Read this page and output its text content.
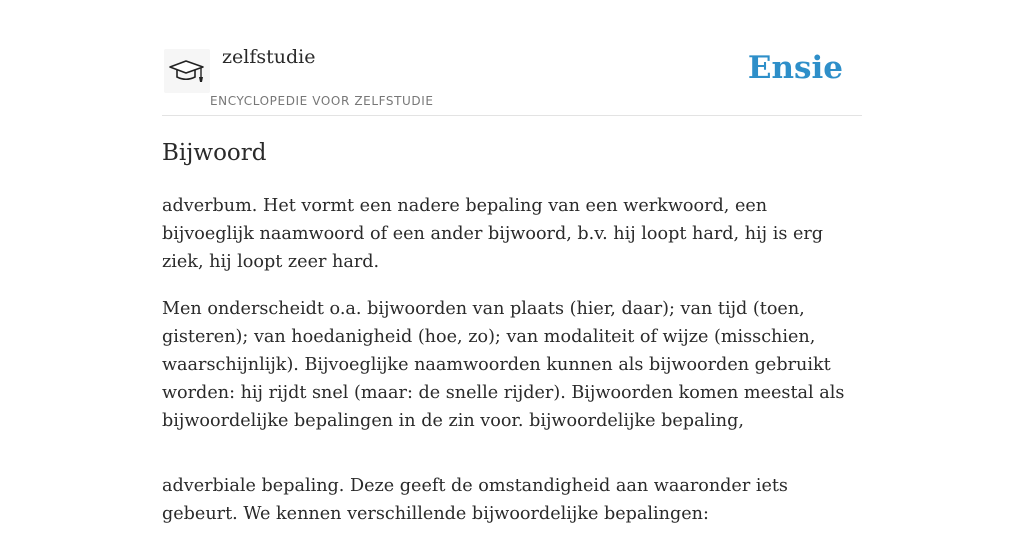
zelfstudie
ENCYCLOPEDIE VOOR ZELFSTUDIE
Ensie
Bijwoord

adverbum. Het vormt een nadere bepaling van een werkwoord, een bijvoeglijk naamwoord of een ander bijwoord, b.v. hij loopt hard, hij is erg ziek, hij loopt zeer hard.

Men onderscheidt o.a. bijwoorden van plaats (hier, daar); van tijd (toen, gisteren); van hoedanigheid (hoe, zo); van modaliteit of wijze (misschien, waarschijnlijk). Bijvoeglijke naamwoorden kunnen als bijwoorden gebruikt worden: hij rijdt snel (maar: de snelle rijder). Bijwoorden komen meestal als bijwoordelijke bepalingen in de zin voor. bijwoordelijke bepaling,

adverbiale bepaling. Deze geeft de omstandigheid aan waaronder iets gebeurt. We kennen verschillende bijwoordelijke bepalingen:
